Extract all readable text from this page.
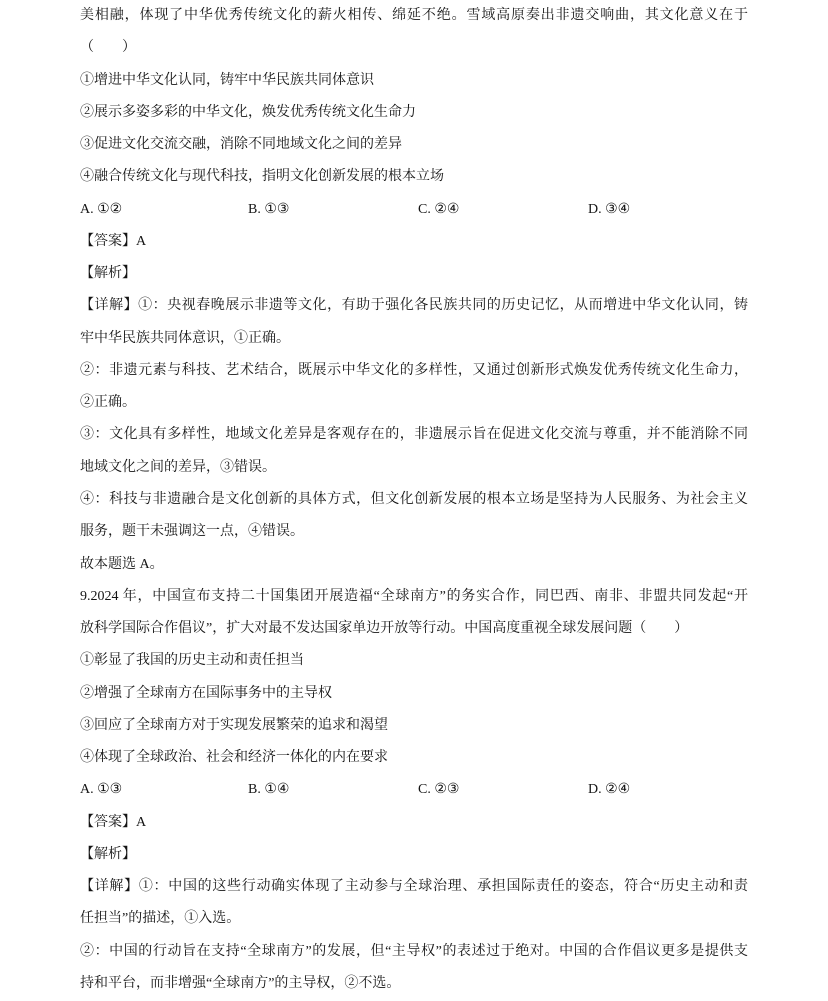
美相融，体现了中华优秀传统文化的薪火相传、绵延不绝。雪域高原奏出非遗交响曲，其文化意义在于
（　　）
①增进中华文化认同，铸牢中华民族共同体意识
②展示多姿多彩的中华文化，焕发优秀传统文化生命力
③促进文化交流交融，消除不同地域文化之间的差异
④融合传统文化与现代科技，指明文化创新发展的根本立场
A. ①②	B. ①③	C. ②④	D. ③④
【答案】A
【解析】
【详解】①：央视春晚展示非遗等文化，有助于强化各民族共同的历史记忆，从而增进中华文化认同，铸
牢中华民族共同体意识，①正确。
②：非遗元素与科技、艺术结合，既展示中华文化的多样性，又通过创新形式焕发优秀传统文化生命力，
②正确。
③：文化具有多样性，地域文化差异是客观存在的，非遗展示旨在促进文化交流与尊重，并不能消除不同
地域文化之间的差异，③错误。
④：科技与非遗融合是文化创新的具体方式，但文化创新发展的根本立场是坚持为人民服务、为社会主义
服务，题干未强调这一点，④错误。
故本题选 A。
9.2024 年，中国宣布支持二十国集团开展造福“全球南方”的务实合作，同巴西、南非、非盟共同发起“开
放科学国际合作倡议”，扩大对最不发达国家单边开放等行动。中国高度重视全球发展问题（　　）
①彰显了我国的历史主动和责任担当
②增强了全球南方在国际事务中的主导权
③回应了全球南方对于实现发展繁荣的追求和渴望
④体现了全球政治、社会和经济一体化的内在要求
A. ①③	B. ①④	C. ②③	D. ②④
【答案】A
【解析】
【详解】①：中国的这些行动确实体现了主动参与全球治理、承担国际责任的姿态，符合“历史主动和责
任担当”的描述，①入选。
②：中国的行动旨在支持“全球南方”的发展，但“主导权”的表述过于绝对。中国的合作倡议更多是提供支
持和平台，而非增强“全球南方”的主导权，②不选。
